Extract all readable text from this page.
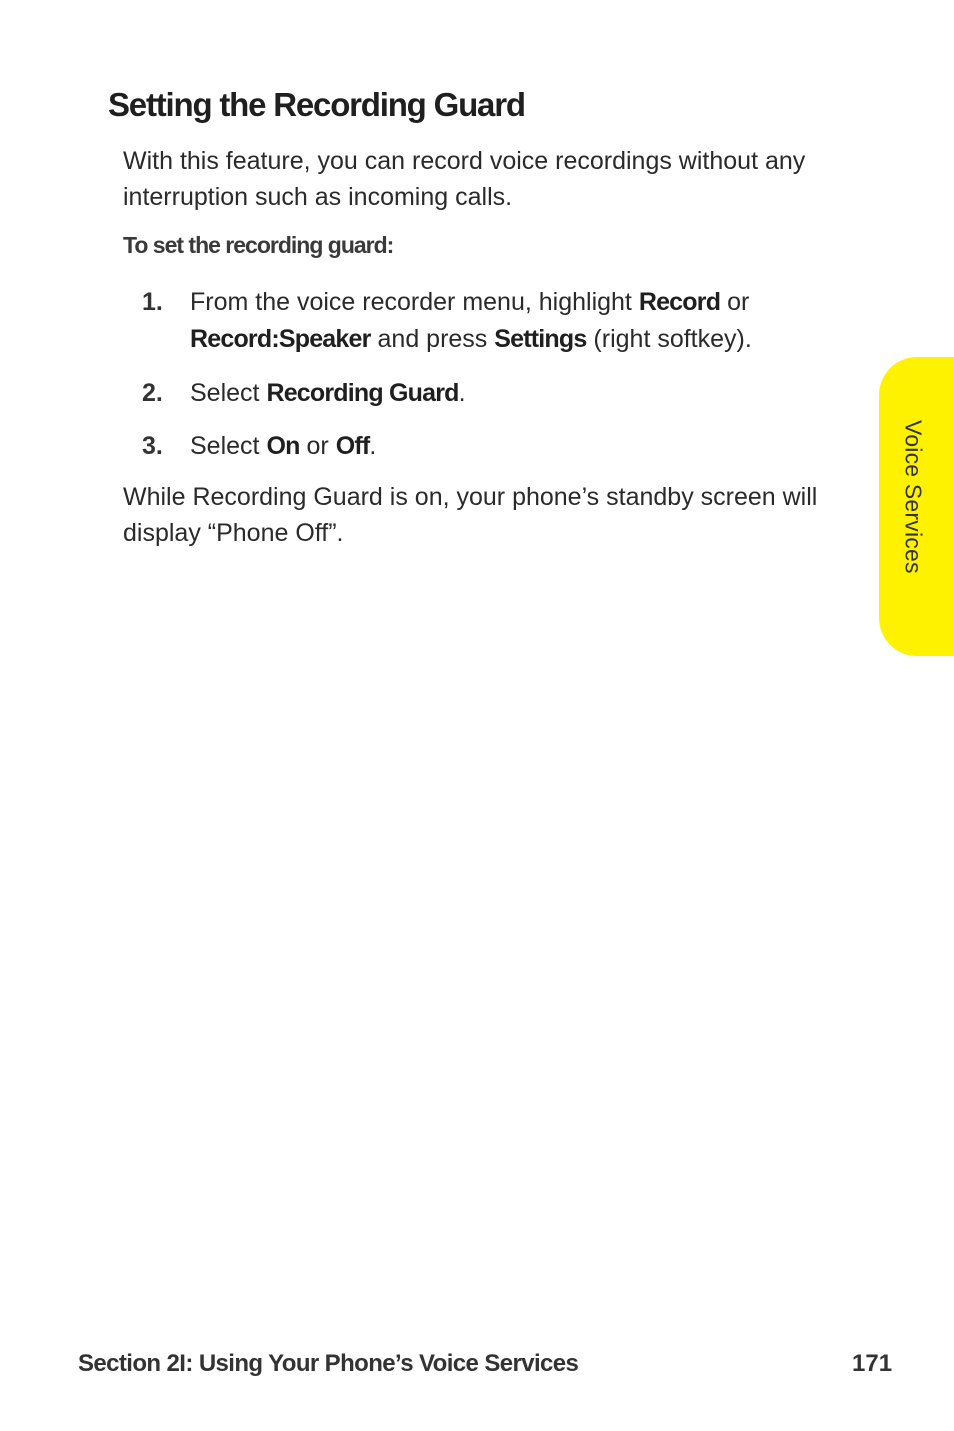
Setting the Recording Guard

With this feature, you can record voice recordings without any interruption such as incoming calls.

To set the recording guard:

1. From the voice recorder menu, highlight Record or Record:Speaker and press Settings (right softkey).
2. Select Recording Guard.
3. Select On or Off.

While Recording Guard is on, your phone’s standby screen will display “Phone Off”.	Voice Services
Section 2I: Using Your Phone’s Voice Services	171
